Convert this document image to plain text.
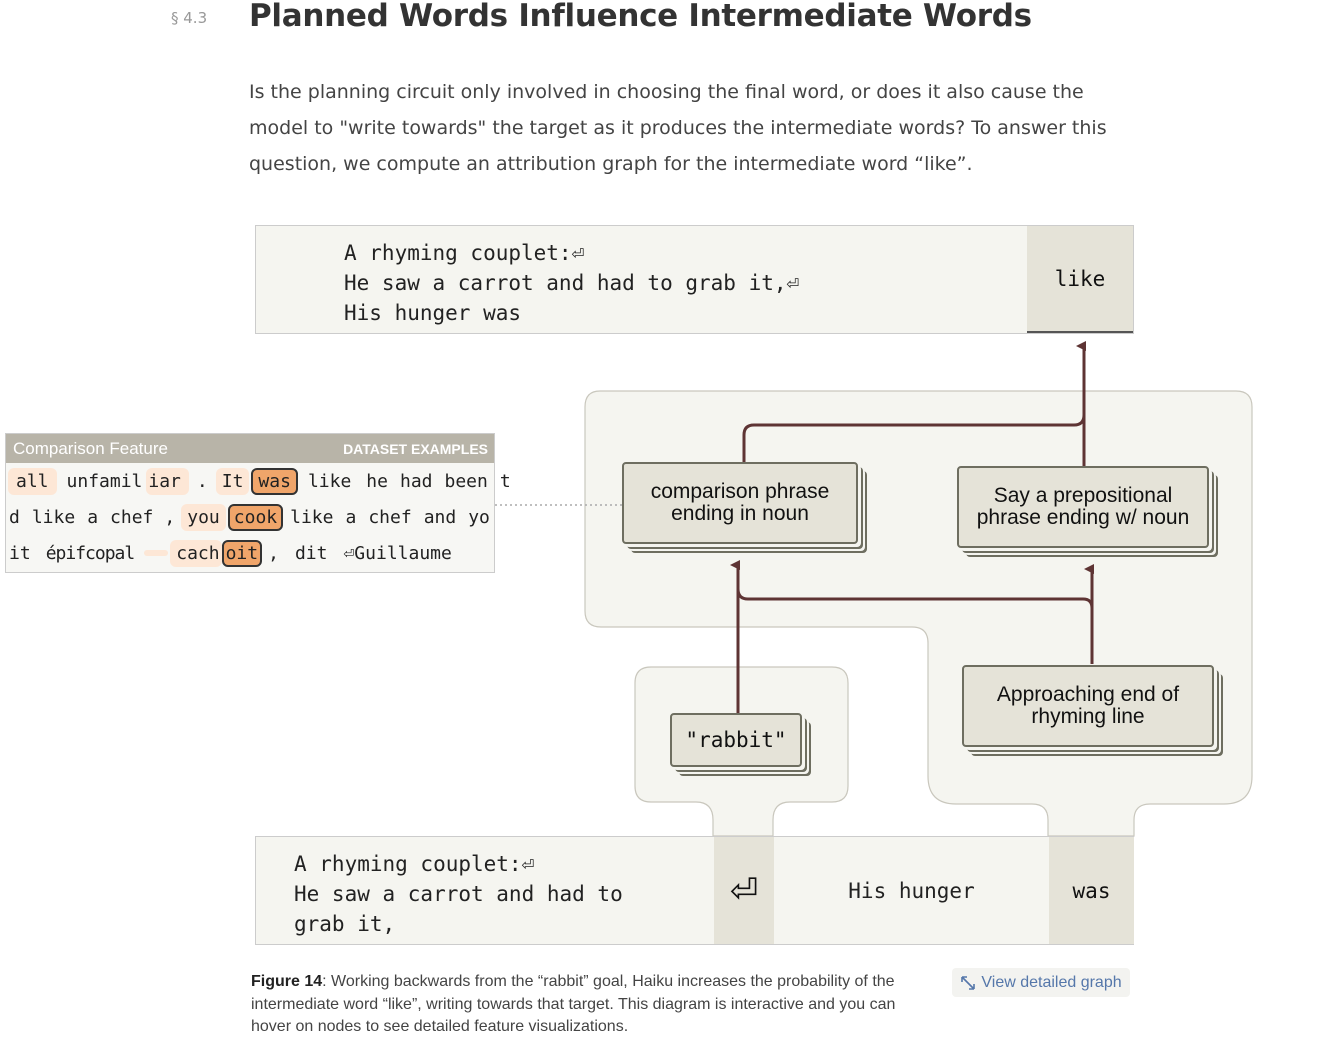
§ 4.3 Planned Words Influence Intermediate Words
Is the planning circuit only involved in choosing the final word, or does it also cause the model to "write towards" the target as it produces the intermediate words? To answer this question, we compute an attribution graph for the intermediate word “like”.
A rhyming couplet:⏎
He saw a carrot and had to grab it,⏎
His hunger was
like
comparison phrase ending in noun
Say a prepositional phrase ending w/ noun
"rabbit"
Approaching end of rhyming line
A rhyming couplet:⏎
He saw a carrot and had to
grab it,
⏎	His hunger	was
Comparison Feature	DATASET EXAMPLES
all	unfamil iar . It was like he had been t
d like a chef , you cook like a chef and yo
it épifcopal	cach oit , dit ⏎Guillaume
Figure 14: Working backwards from the “rabbit” goal, Haiku increases the probability of the intermediate word “like”, writing towards that target. This diagram is interactive and you can hover on nodes to see detailed feature visualizations.
View detailed graph
